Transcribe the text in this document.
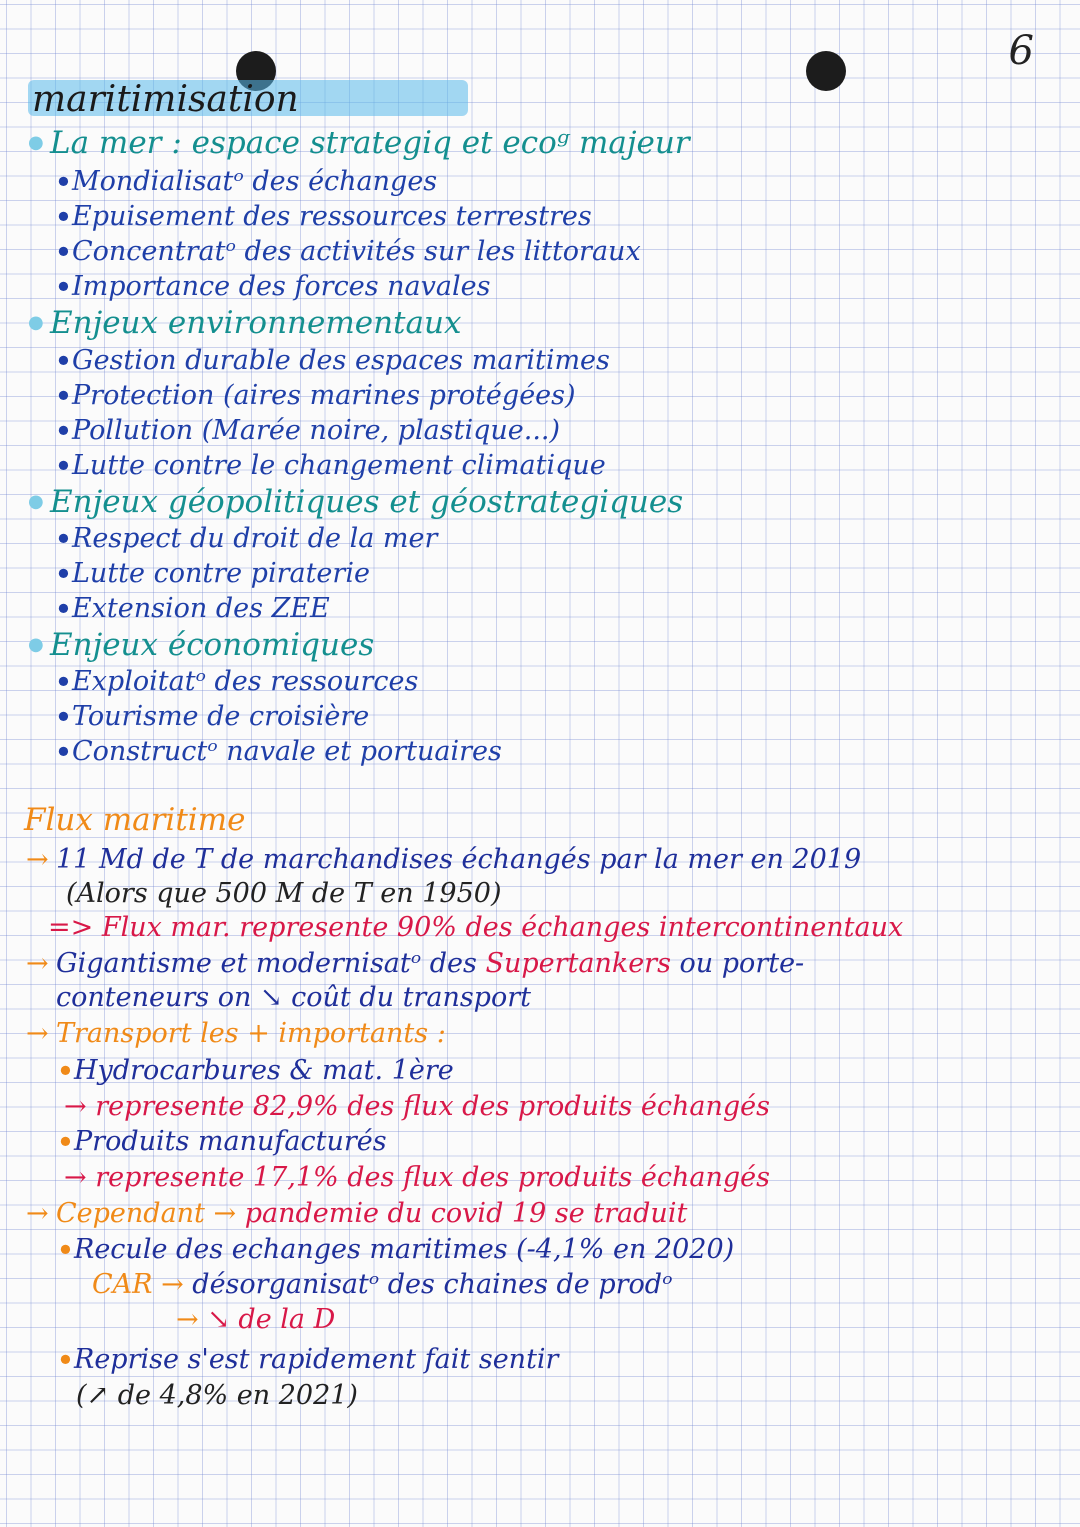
6
maritimisation
● La mer : espace strategiq et ecoᵍ majeur
• Mondialisatᵒ des échanges
• Epuisement des ressources terrestres
• Concentratᵒ des activités sur les littoraux
• Importance des forces navales
● Enjeux environnementaux
• Gestion durable des espaces maritimes
• Protection (aires marines protégées)
• Pollution (Marée noire, plastique...)
• Lutte contre le changement climatique
● Enjeux géopolitiques et géostrategiques
• Respect du droit de la mer
• Lutte contre piraterie
• Extension des ZEE
● Enjeux économiques
• Exploitatᵒ des ressources
• Tourisme de croisière
• Constructᵒ navale et portuaires
Flux maritime
→ 11 Md de T de marchandises échangés par la mer en 2019
(Alors que 500 M de T en 1950)
=> Flux mar. represente 90% des échanges intercontinentaux
→ Gigantisme et modernisatᵒ des Supertankers ou porte-
conteneurs on ↘ coût du transport
→ Transport les + importants :
• Hydrocarbures & mat. 1ère
→ represente 82,9% des flux des produits échangés
• Produits manufacturés
→ represente 17,1% des flux des produits échangés
→ Cependant → pandemie du covid 19 se traduit
• Recule des echanges maritimes (-4,1% en 2020)
CAR → désorganisatᵒ des chaines de prodᵒ
→ ↘ de la D
• Reprise s'est rapidement fait sentir
(↗ de 4,8% en 2021)
